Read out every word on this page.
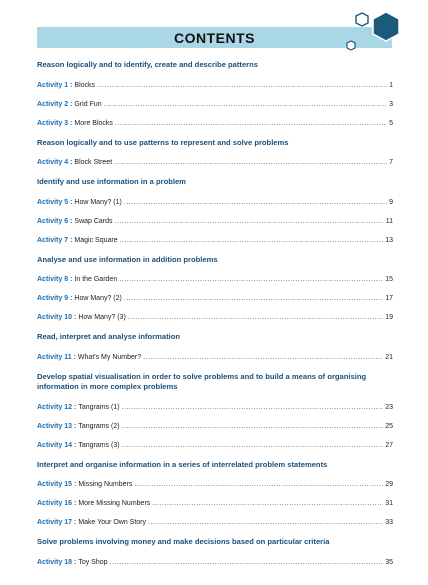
CONTENTS
Reason logically and to identify, create and describe patterns
Activity 1 : Blocks .....	1
Activity 2 : Grid Fun .....	3
Activity 3 : More Blocks .....	5
Reason logically and to use patterns to represent and solve problems
Activity 4 : Block Street .....	7
Identify and use information in a problem
Activity 5 : How Many? (1) .....	9
Activity 6 : Swap Cards .....	11
Activity 7 : Magic Square .....	13
Analyse and use information in addition problems
Activity 8 : In the Garden .....	15
Activity 9 : How Many? (2) .....	17
Activity 10 : How Many? (3) .....	19
Read, interpret and analyse information
Activity 11 : What's My Number? .....	21
Develop spatial visualisation in order to solve problems and to build a means of organising information in more complex problems
Activity 12 : Tangrams (1) .....	23
Activity 13 : Tangrams (2) .....	25
Activity 14 : Tangrams (3) .....	27
Interpret and organise information in a series of interrelated problem statements
Activity 15 : Missing Numbers .....	29
Activity 16 : More Missing Numbers .....	31
Activity 17 : Make Your Own Story .....	33
Solve problems involving money and make decisions based on particular criteria
Activity 18 : Toy Shop .....	35
